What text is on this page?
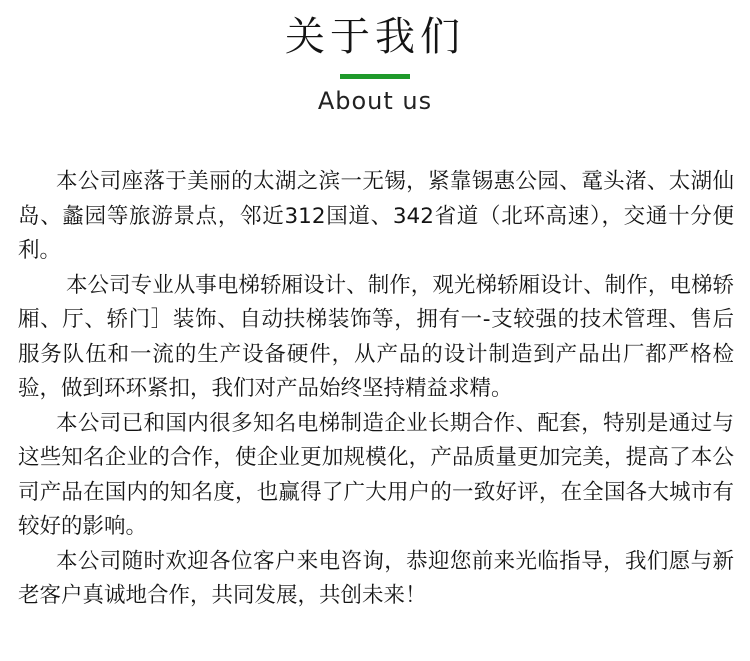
关于我们
About us

本公司座落于美丽的太湖之滨一无锡，紧靠锡惠公园、鼋头渚、太湖仙岛、蠡园等旅游景点，邻近312国道、342省道（北环高速），交通十分便利。

本公司专业从事电梯轿厢设计、制作，观光梯轿厢设计、制作，电梯轿厢、厅、轿门］装饰、自动扶梯装饰等，拥有一-支较强的技术管理、售后服务队伍和一流的生产设备硬件，从产品的设计制造到产品出厂都严格检验，做到环环紧扣，我们对产品始终坚持精益求精。

本公司已和国内很多知名电梯制造企业长期合作、配套，特别是通过与这些知名企业的合作，使企业更加规模化，产品质量更加完美，提高了本公司产品在国内的知名度，也赢得了广大用户的一致好评，在全国各大城市有较好的影响。

本公司随时欢迎各位客户来电咨询，恭迎您前来光临指导，我们愿与新老客户真诚地合作，共同发展，共创未来！
